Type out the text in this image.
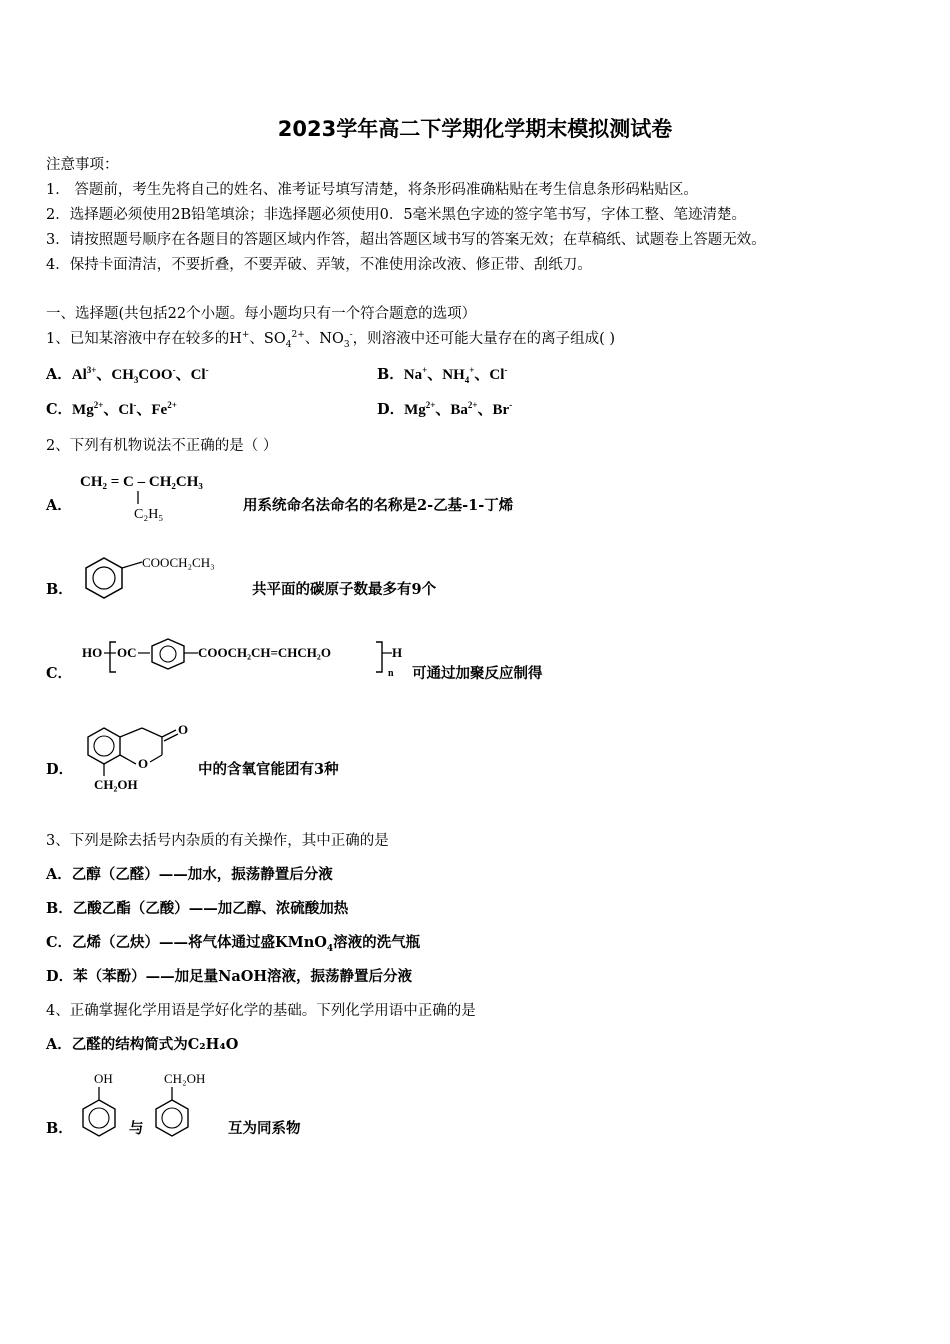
2023学年高二下学期化学期末模拟测试卷
注意事项：
1． 答题前，考生先将自己的姓名、准考证号填写清楚，将条形码准确粘贴在考生信息条形码粘贴区。
2．选择题必须使用2B铅笔填涂；非选择题必须使用0．5毫米黑色字迹的签字笔书写，字体工整、笔迹清楚。
3．请按照题号顺序在各题目的答题区域内作答，超出答题区域书写的答案无效；在草稿纸、试题卷上答题无效。
4．保持卡面清洁，不要折叠，不要弄破、弄皱，不准使用涂改液、修正带、刮纸刀。
一、选择题(共包括22个小题。每小题均只有一个符合题意的选项）
1、已知某溶液中存在较多的H+、$SO_4^{2+}$、$NO_3^-$，则溶液中还可能大量存在的离子组成( )
A．$Al^{3+}$、$CH_3COO^-$、Cl-	B．Na+、$NH_4^+$、Cl-
C．$Mg^{2+}$、Cl-、$Fe^{2+}$	D．$Mg^{2+}$、$Ba^{2+}$、Br-
2、下列有机物说法不正确的是（ ）
A．
CH₂ = C – CH₂CH₃
C₂H₅
用系统命名法命名的名称是2-乙基-1-丁烯
B．
COOCH₂CH₃
共平面的碳原子数最多有9个
C．
HO OC	COOCH₂CH=CHCH₂O	H
n 可通过加聚反应制得
D．
O
O
CH₂OH
中的含氧官能团有3种
3、下列是除去括号内杂质的有关操作，其中正确的是
A．乙醇（乙醛）——加水，振荡静置后分液
B．乙酸乙酯（乙酸）——加乙醇、浓硫酸加热
C．乙烯（乙炔）——将气体通过盛KMnO$_4$溶液的洗气瓶
D．苯（苯酚）——加足量NaOH溶液，振荡静置后分液
4、正确掌握化学用语是学好化学的基础。下列化学用语中正确的是
A．乙醛的结构简式为C₂H₄O
B．
OH
与
CH₂OH
互为同系物
